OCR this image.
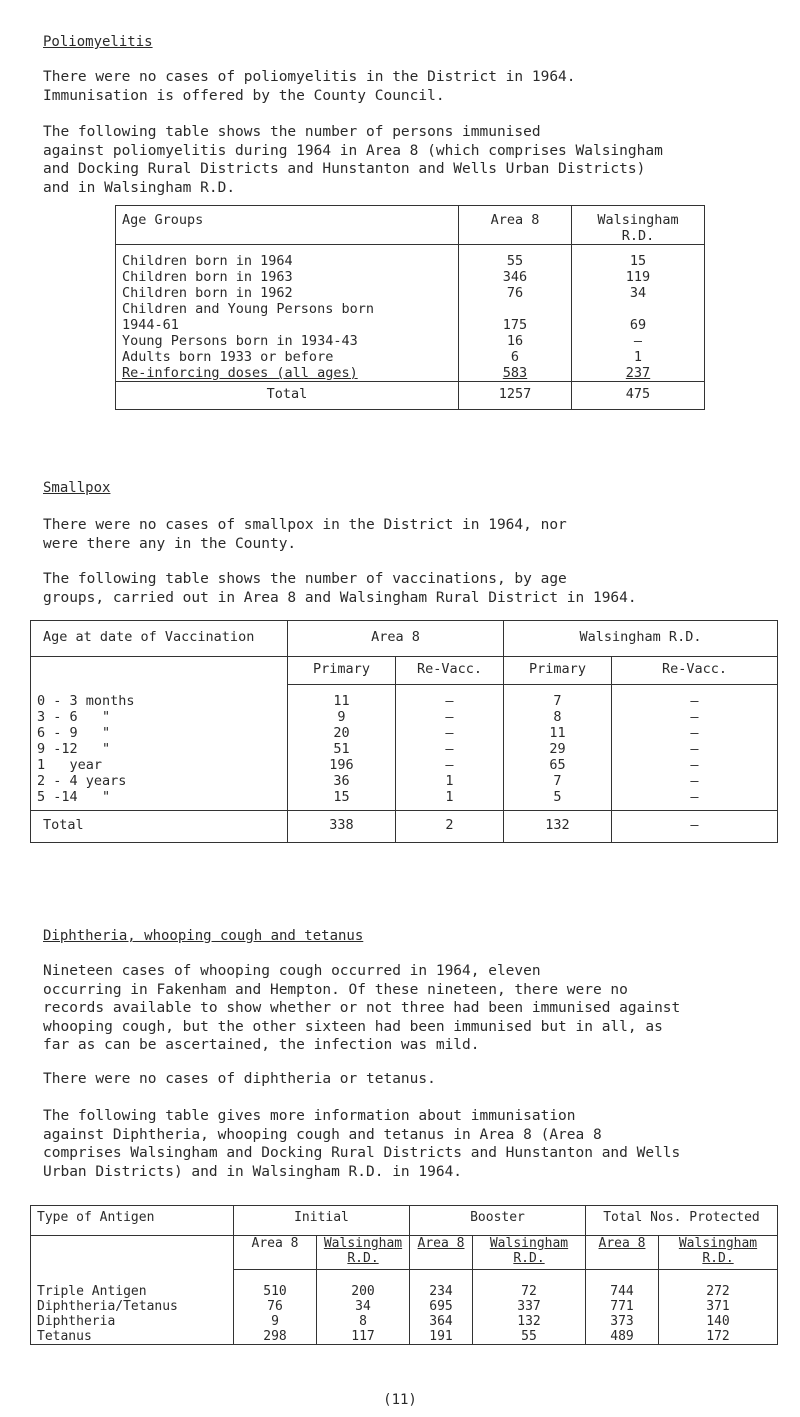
Poliomyelitis
There were no cases of poliomyelitis in the District in 1964.
Immunisation is offered by the County Council.
The following table shows the number of persons immunised
against poliomyelitis during 1964 in Area 8 (which comprises Walsingham
and Docking Rural Districts and Hunstanton and Wells Urban Districts)
and in Walsingham R.D.
Age Groups	Area 8	Walsingham R.D.

Children born in 1964	55	15
Children born in 1963	346	119
Children born in 1962	76	34
Children and Young Persons born
1944-61	175	69
Young Persons born in 1934-43	16	–
Adults born 1933 or before	6	1
Re-inforcing doses (all ages)	583	237
Total	1257	475
Smallpox
There were no cases of smallpox in the District in 1964, nor
were there any in the County.
The following table shows the number of vaccinations, by age
groups, carried out in Area 8 and Walsingham Rural District in 1964.
Age at date of Vaccination	Area 8		Walsingham R.D.	
	Primary	Re-Vacc.	Primary	Re-Vacc.

0 - 3 months	11	–	7	–
3 - 6   "	9	–	8	–
6 - 9   "	20	–	11	–
9 -12   "	51	–	29	–
1   year	196	–	65	–
2 - 4 years	36	1	7	–
5 -14   "	15	1	5	–

Total	338	2	132	–
Diphtheria, whooping cough and tetanus
Nineteen cases of whooping cough occurred in 1964, eleven
occurring in Fakenham and Hempton. Of these nineteen, there were no
records available to show whether or not three had been immunised against
whooping cough, but the other sixteen had been immunised but in all, as
far as can be ascertained, the infection was mild.
There were no cases of diphtheria or tetanus.
The following table gives more information about immunisation
against Diphtheria, whooping cough and tetanus in Area 8 (Area 8
comprises Walsingham and Docking Rural Districts and Hunstanton and Wells
Urban Districts) and in Walsingham R.D. in 1964.
Type of Antigen	Initial		Booster		Total Nos. Protected	
	Area 8	Walsingham R.D.	Area 8	Walsingham R.D.	Area 8	Walsingham R.D.

Triple Antigen	510	200	234	72	744	272
Diphtheria/Tetanus	76	34	695	337	771	371
Diphtheria	9	8	364	132	373	140
Tetanus	298	117	191	55	489	172
(11)
